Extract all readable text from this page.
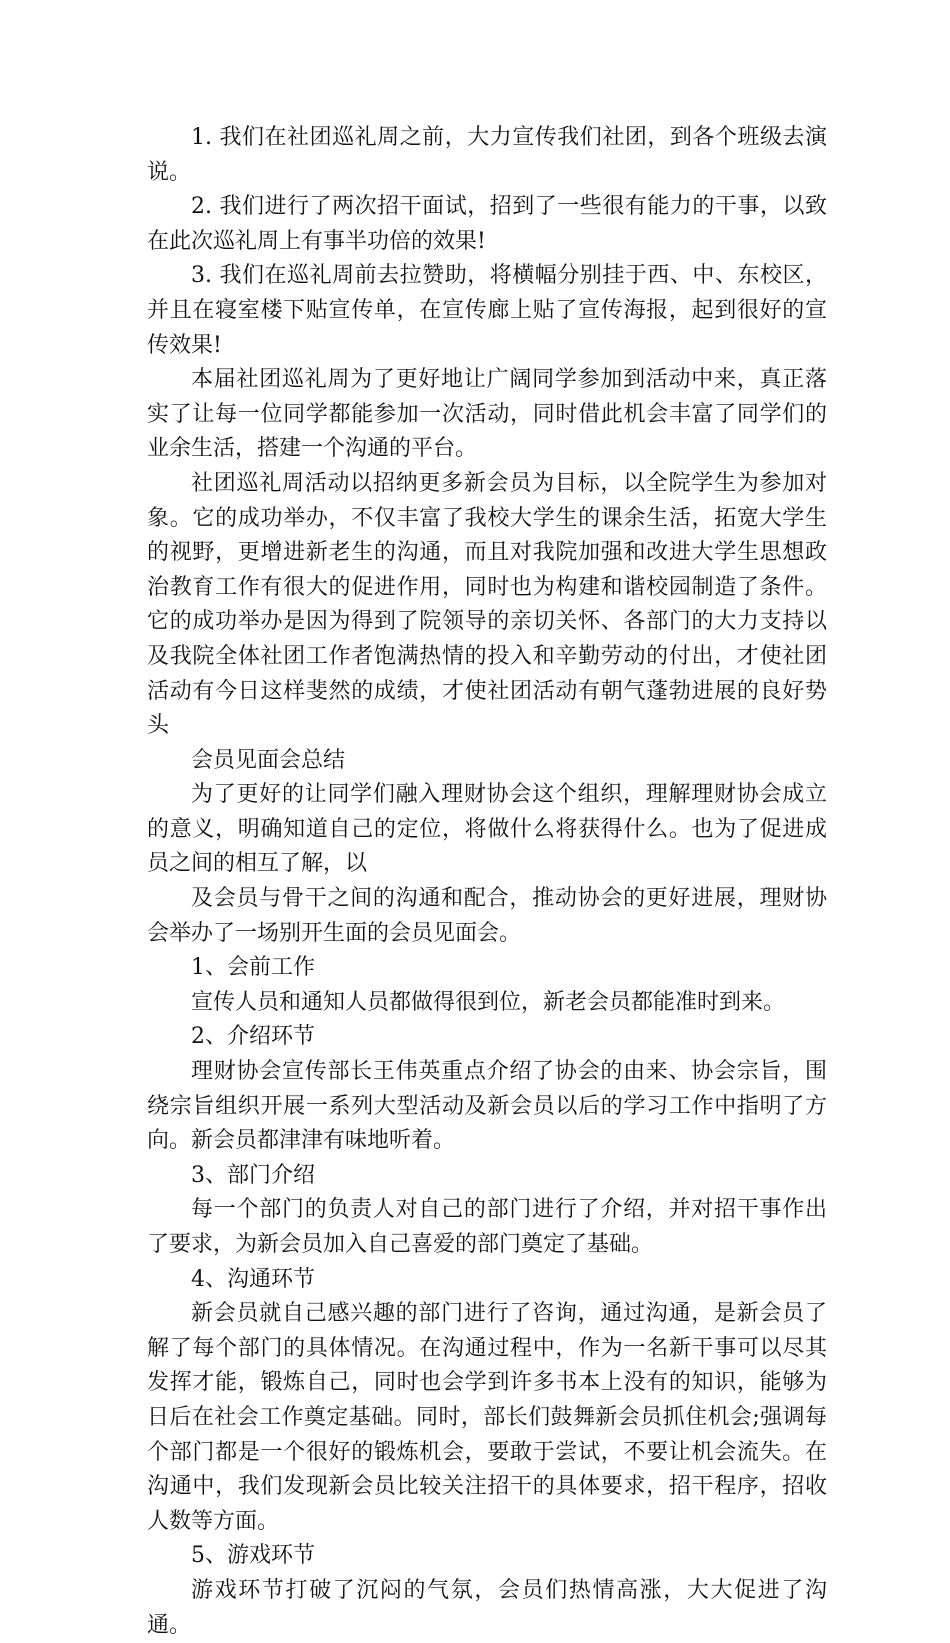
1. 我们在社团巡礼周之前，大力宣传我们社团，到各个班级去演说。

2. 我们进行了两次招干面试，招到了一些很有能力的干事，以致在此次巡礼周上有事半功倍的效果!

3. 我们在巡礼周前去拉赞助，将横幅分别挂于西、中、东校区，并且在寝室楼下贴宣传单，在宣传廊上贴了宣传海报，起到很好的宣传效果!

本届社团巡礼周为了更好地让广阔同学参加到活动中来，真正落实了让每一位同学都能参加一次活动，同时借此机会丰富了同学们的业余生活，搭建一个沟通的平台。

社团巡礼周活动以招纳更多新会员为目标，以全院学生为参加对象。它的成功举办，不仅丰富了我校大学生的课余生活，拓宽大学生的视野，更增进新老生的沟通，而且对我院加强和改进大学生思想政治教育工作有很大的促进作用，同时也为构建和谐校园制造了条件。它的成功举办是因为得到了院领导的亲切关怀、各部门的大力支持以及我院全体社团工作者饱满热情的投入和辛勤劳动的付出，才使社团活动有今日这样斐然的成绩，才使社团活动有朝气蓬勃进展的良好势头

会员见面会总结

为了更好的让同学们融入理财协会这个组织，理解理财协会成立的意义，明确知道自己的定位，将做什么将获得什么。也为了促进成员之间的相互了解，以

及会员与骨干之间的沟通和配合，推动协会的更好进展，理财协会举办了一场别开生面的会员见面会。

1、会前工作

宣传人员和通知人员都做得很到位，新老会员都能准时到来。

2、介绍环节

理财协会宣传部长王伟英重点介绍了协会的由来、协会宗旨，围绕宗旨组织开展一系列大型活动及新会员以后的学习工作中指明了方向。新会员都津津有味地听着。

3、部门介绍

每一个部门的负责人对自己的部门进行了介绍，并对招干事作出了要求，为新会员加入自己喜爱的部门奠定了基础。

4、沟通环节

新会员就自己感兴趣的部门进行了咨询，通过沟通，是新会员了解了每个部门的具体情况。在沟通过程中，作为一名新干事可以尽其发挥才能，锻炼自己，同时也会学到许多书本上没有的知识，能够为日后在社会工作奠定基础。同时，部长们鼓舞新会员抓住机会;强调每个部门都是一个很好的锻炼机会，要敢于尝试，不要让机会流失。在沟通中，我们发现新会员比较关注招干的具体要求，招干程序，招收人数等方面。

5、游戏环节

游戏环节打破了沉闷的气氛，会员们热情高涨，大大促进了沟通。
